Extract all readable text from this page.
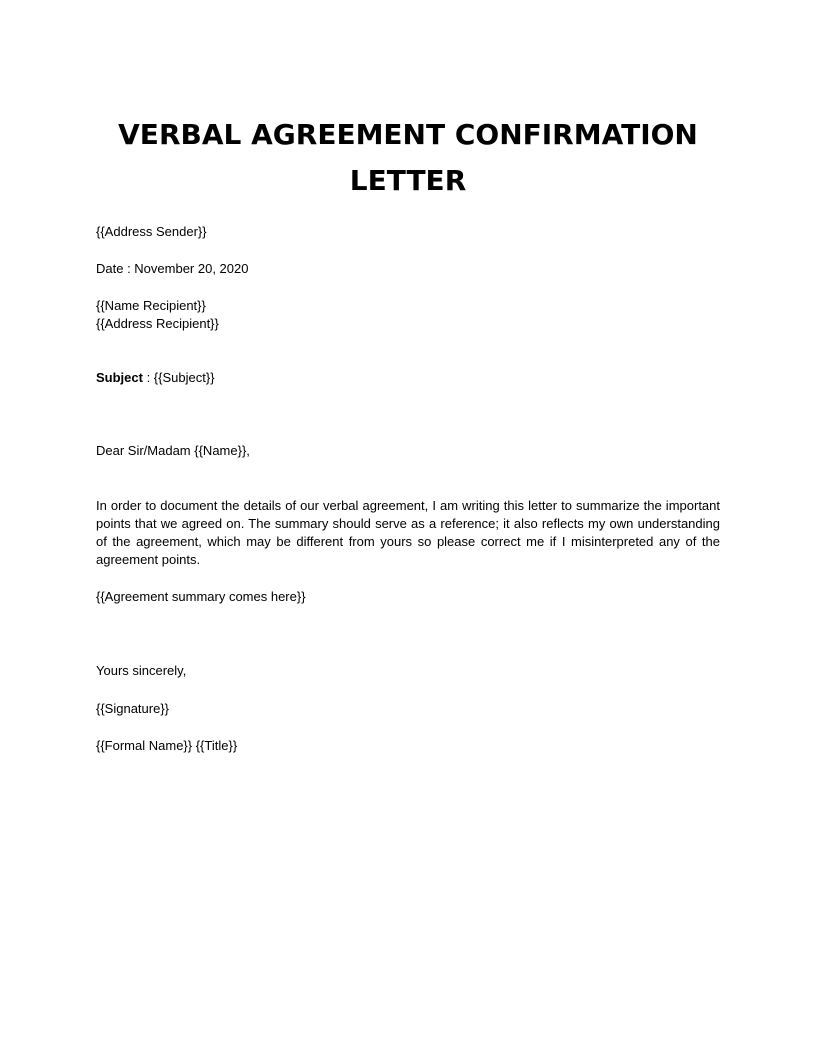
VERBAL AGREEMENT CONFIRMATION
LETTER
{{Address Sender}}
Date : November 20, 2020
{{Name Recipient}}
{{Address Recipient}}
Subject : {{Subject}}
Dear Sir/Madam {{Name}},
In order to document the details of our verbal agreement, I am writing this letter to summarize the important points that we agreed on. The summary should serve as a reference; it also reflects my own understanding of the agreement, which may be different from yours so please correct me if I misinterpreted any of the agreement points.
{{Agreement summary comes here}}
Yours sincerely,
{{Signature}}
{{Formal Name}} {{Title}}
